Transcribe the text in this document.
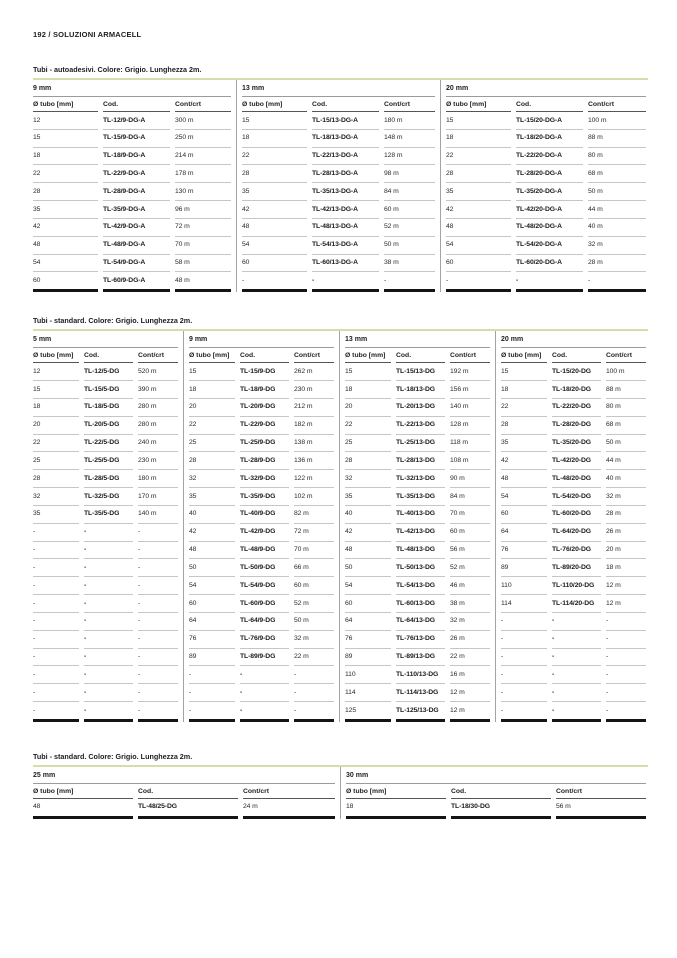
192 / SOLUZIONI ARMACELL
Tubi - autoadesivi. Colore: Grigio. Lunghezza 2m.
9 mm	13 mm	20 mm
Ø tubo [mm]	Cod.	Cont/crt	Ø tubo [mm]	Cod.	Cont/crt	Ø tubo [mm]	Cod.	Cont/crt
12	TL-12/9-DG-A	300 m	15	TL-15/13-DG-A	180 m	15	TL-15/20-DG-A	100 m
15	TL-15/9-DG-A	250 m	18	TL-18/13-DG-A	148 m	18	TL-18/20-DG-A	88 m
18	TL-18/9-DG-A	214 m	22	TL-22/13-DG-A	128 m	22	TL-22/20-DG-A	80 m
22	TL-22/9-DG-A	178 m	28	TL-28/13-DG-A	98 m	28	TL-28/20-DG-A	68 m
28	TL-28/9-DG-A	130 m	35	TL-35/13-DG-A	84 m	35	TL-35/20-DG-A	50 m
35	TL-35/9-DG-A	96 m	42	TL-42/13-DG-A	60 m	42	TL-42/20-DG-A	44 m
42	TL-42/9-DG-A	72 m	48	TL-48/13-DG-A	52 m	48	TL-48/20-DG-A	40 m
48	TL-48/9-DG-A	70 m	54	TL-54/13-DG-A	50 m	54	TL-54/20-DG-A	32 m
54	TL-54/9-DG-A	58 m	60	TL-60/13-DG-A	38 m	60	TL-60/20-DG-A	28 m
60	TL-60/9-DG-A	48 m	-	-	-	-	-	-
Tubi - standard. Colore: Grigio. Lunghezza 2m.
5 mm	9 mm	13 mm	20 mm
Ø tubo [mm]	Cod.	Cont/crt	Ø tubo [mm]	Cod.	Cont/crt	Ø tubo [mm]	Cod.	Cont/crt	Ø tubo [mm]	Cod.	Cont/crt
12	TL-12/5-DG	520 m	15	TL-15/9-DG	262 m	15	TL-15/13-DG	192 m	15	TL-15/20-DG	100 m
15	TL-15/5-DG	390 m	18	TL-18/9-DG	230 m	18	TL-18/13-DG	156 m	18	TL-18/20-DG	88 m
18	TL-18/5-DG	280 m	20	TL-20/9-DG	212 m	20	TL-20/13-DG	140 m	22	TL-22/20-DG	80 m
20	TL-20/5-DG	280 m	22	TL-22/9-DG	182 m	22	TL-22/13-DG	128 m	28	TL-28/20-DG	68 m
22	TL-22/5-DG	240 m	25	TL-25/9-DG	138 m	25	TL-25/13-DG	118 m	35	TL-35/20-DG	50 m
25	TL-25/5-DG	230 m	28	TL-28/9-DG	136 m	28	TL-28/13-DG	108 m	42	TL-42/20-DG	44 m
28	TL-28/5-DG	180 m	32	TL-32/9-DG	122 m	32	TL-32/13-DG	90 m	48	TL-48/20-DG	40 m
32	TL-32/5-DG	170 m	35	TL-35/9-DG	102 m	35	TL-35/13-DG	84 m	54	TL-54/20-DG	32 m
35	TL-35/5-DG	140 m	40	TL-40/9-DG	82 m	40	TL-40/13-DG	70 m	60	TL-60/20-DG	28 m
-	-	-	42	TL-42/9-DG	72 m	42	TL-42/13-DG	60 m	64	TL-64/20-DG	26 m
-	-	-	48	TL-48/9-DG	70 m	48	TL-48/13-DG	56 m	76	TL-76/20-DG	20 m
-	-	-	50	TL-50/9-DG	66 m	50	TL-50/13-DG	52 m	89	TL-89/20-DG	18 m
-	-	-	54	TL-54/9-DG	60 m	54	TL-54/13-DG	46 m	110	TL-110/20-DG	12 m
-	-	-	60	TL-60/9-DG	52 m	60	TL-60/13-DG	38 m	114	TL-114/20-DG	12 m
-	-	-	64	TL-64/9-DG	50 m	64	TL-64/13-DG	32 m	-	-	-
-	-	-	76	TL-76/9-DG	32 m	76	TL-76/13-DG	26 m	-	-	-
-	-	-	89	TL-89/9-DG	22 m	89	TL-89/13-DG	22 m	-	-	-
-	-	-	-	-	-	110	TL-110/13-DG	16 m	-	-	-
-	-	-	-	-	-	114	TL-114/13-DG	12 m	-	-	-
-	-	-	-	-	-	125	TL-125/13-DG	12 m	-	-	-
Tubi - standard. Colore: Grigio. Lunghezza 2m.
25 mm	30 mm
Ø tubo [mm]	Cod.	Cont/crt	Ø tubo [mm]	Cod.	Cont/crt
48	TL-48/25-DG	24 m	18	TL-18/30-DG	56 m
